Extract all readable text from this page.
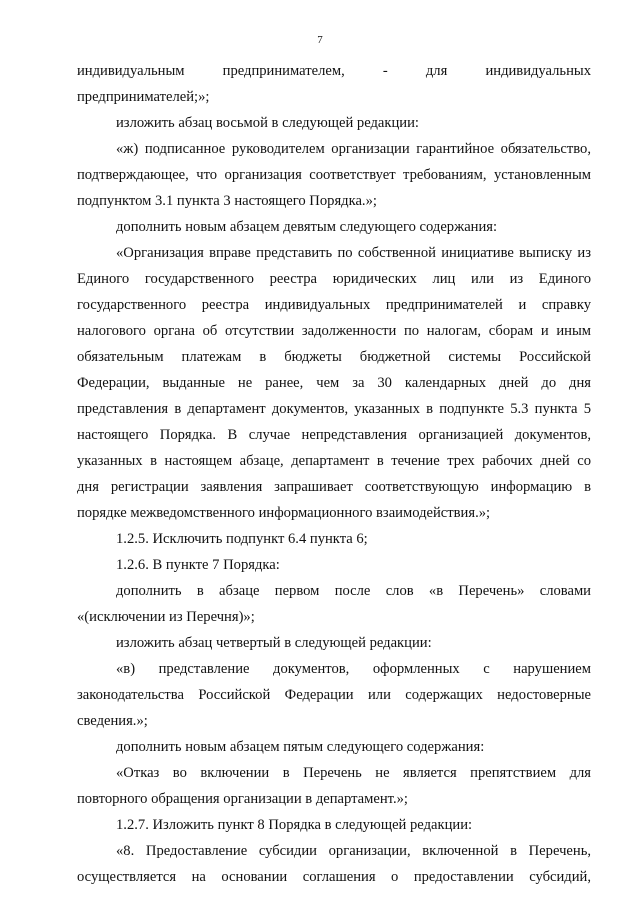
7
индивидуальным предпринимателем, - для индивидуальных
предпринимателей;»;
изложить абзац восьмой в следующей редакции:
«ж) подписанное руководителем организации гарантийное обязательство,
подтверждающее, что организация соответствует требованиям, установленным
подпунктом 3.1 пункта 3 настоящего Порядка.»;
дополнить новым абзацем девятым следующего содержания:
«Организация вправе представить по собственной инициативе выписку из
Единого государственного реестра юридических лиц или из Единого
государственного реестра индивидуальных предпринимателей и справку
налогового органа об отсутствии задолженности по налогам, сборам и иным
обязательным платежам в бюджеты бюджетной системы Российской
Федерации, выданные не ранее, чем за 30 календарных дней до дня
представления в департамент документов, указанных в подпункте 5.3 пункта 5
настоящего Порядка. В случае непредставления организацией документов,
указанных в настоящем абзаце, департамент в течение трех рабочих дней со
дня регистрации заявления запрашивает соответствующую информацию в
порядке межведомственного информационного взаимодействия.»;
1.2.5. Исключить подпункт 6.4 пункта 6;
1.2.6. В пункте 7 Порядка:
дополнить в абзаце первом после слов «в Перечень» словами
«(исключении из Перечня)»;
изложить абзац четвертый в следующей редакции:
«в) представление документов, оформленных с нарушением
законодательства Российской Федерации или содержащих недостоверные
сведения.»;
дополнить новым абзацем пятым следующего содержания:
«Отказ во включении в Перечень не является препятствием для
повторного обращения организации в департамент.»;
1.2.7. Изложить пункт 8 Порядка в следующей редакции:
«8. Предоставление субсидии организации, включенной в Перечень,
осуществляется на основании соглашения о предоставлении субсидий,
